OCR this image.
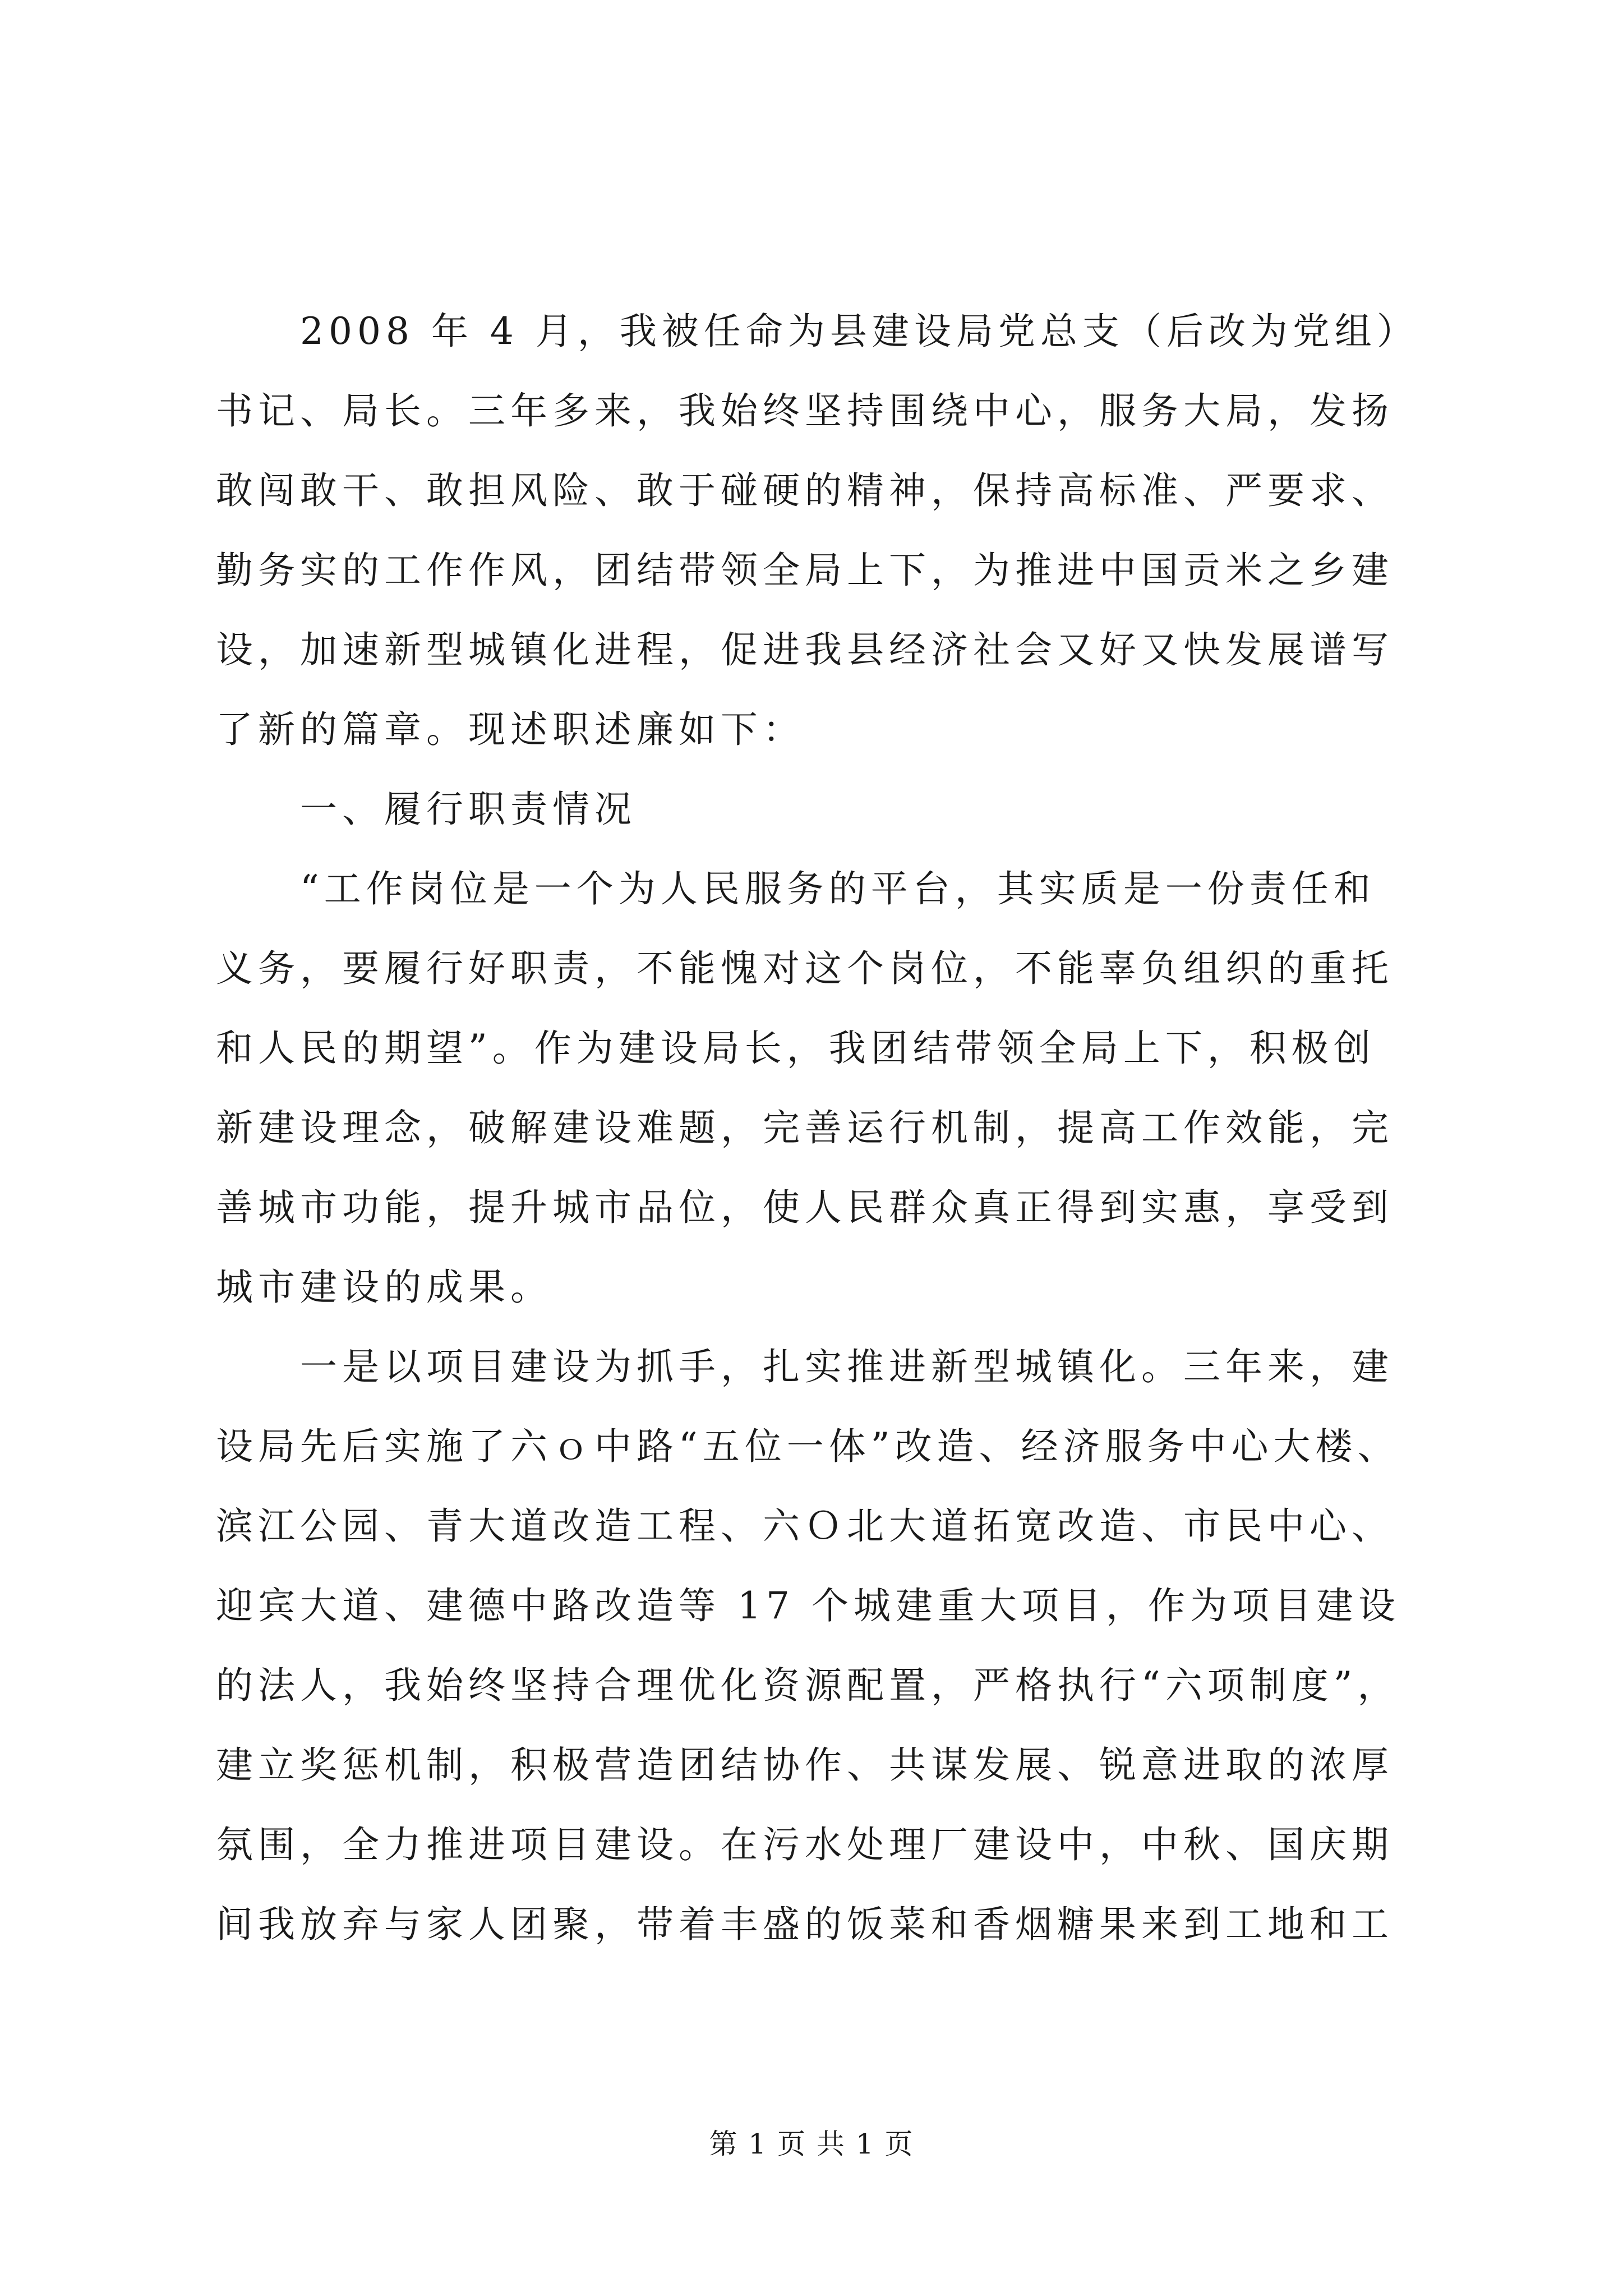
　　2008 年 4 月，我被任命为县建设局党总支（后改为党组）
书记、局长。三年多来，我始终坚持围绕中心，服务大局，发扬
敢闯敢干、敢担风险、敢于碰硬的精神，保持高标准、严要求、
勤务实的工作作风，团结带领全局上下，为推进中国贡米之乡建
设，加速新型城镇化进程，促进我县经济社会又好又快发展谱写
了新的篇章。现述职述廉如下：
　　一、履行职责情况
　　“工作岗位是一个为人民服务的平台，其实质是一份责任和
义务，要履行好职责，不能愧对这个岗位，不能辜负组织的重托
和人民的期望”。作为建设局长，我团结带领全局上下，积极创
新建设理念，破解建设难题，完善运行机制，提高工作效能，完
善城市功能，提升城市品位，使人民群众真正得到实惠，享受到
城市建设的成果。
　　一是以项目建设为抓手，扎实推进新型城镇化。三年来，建
设局先后实施了六ｏ中路“五位一体”改造、经济服务中心大楼、
滨江公园、青大道改造工程、六Ｏ北大道拓宽改造、市民中心、
迎宾大道、建德中路改造等 17 个城建重大项目，作为项目建设
的法人，我始终坚持合理优化资源配置，严格执行“六项制度”，
建立奖惩机制，积极营造团结协作、共谋发展、锐意进取的浓厚
氛围，全力推进项目建设。在污水处理厂建设中，中秋、国庆期
间我放弃与家人团聚，带着丰盛的饭菜和香烟糖果来到工地和工
第 1 页 共 1 页
